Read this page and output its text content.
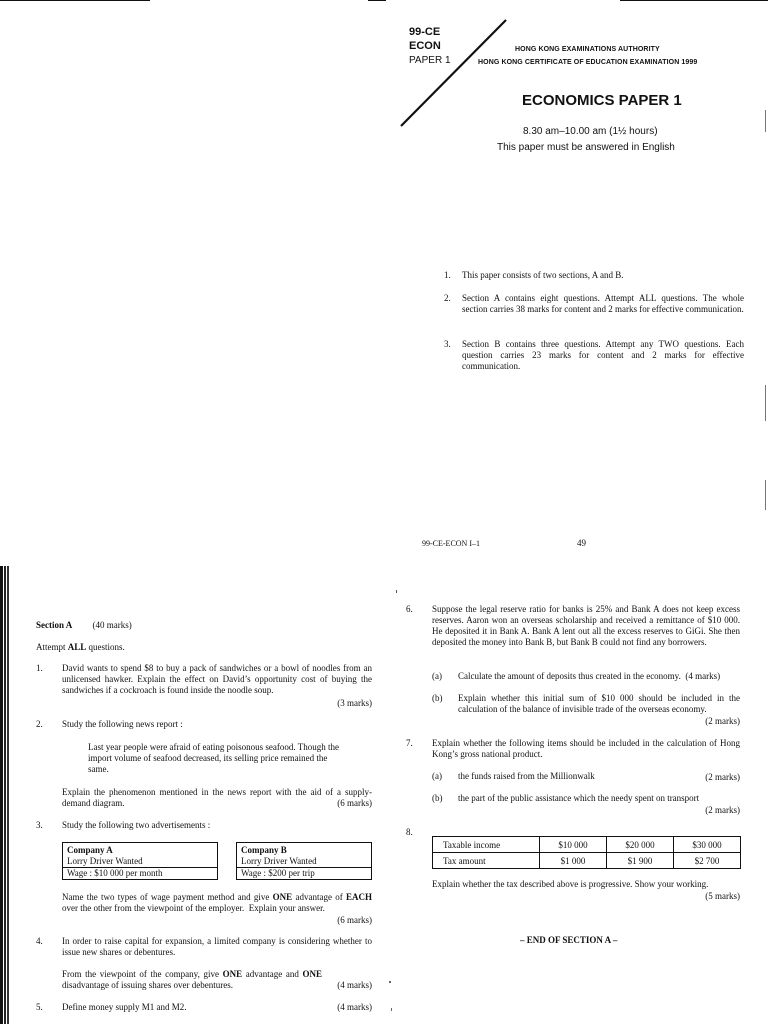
99-CE
ECON
PAPER 1
HONG KONG EXAMINATIONS AUTHORITY
HONG KONG CERTIFICATE OF EDUCATION EXAMINATION 1999
ECONOMICS PAPER 1
8.30 am–10.00 am (1½ hours)
This paper must be answered in English
1. This paper consists of two sections, A and B.
2. Section A contains eight questions. Attempt ALL questions. The whole section carries 38 marks for content and 2 marks for effective communication.
3. Section B contains three questions. Attempt any TWO questions. Each question carries 23 marks for content and 2 marks for effective communication.
99-CE-ECON I–1	49
Section A (40 marks)
Attempt ALL questions.
1. David wants to spend $8 to buy a pack of sandwiches or a bowl of noodles from an unlicensed hawker. Explain the effect on David’s opportunity cost of buying the sandwiches if a cockroach is found inside the noodle soup.
(3 marks)
2. Study the following news report :
Last year people were afraid of eating poisonous seafood. Though the import volume of seafood decreased, its selling price remained the same.
Explain the phenomenon mentioned in the news report with the aid of a supply-demand diagram.	(6 marks)
3. Study the following two advertisements :
Company A
Lorry Driver Wanted
Wage : $10 000 per month
Company B
Lorry Driver Wanted
Wage : $200 per trip
Name the two types of wage payment method and give ONE advantage of EACH over the other from the viewpoint of the employer.  Explain your answer.
(6 marks)
4. In order to raise capital for expansion, a limited company is considering whether to issue new shares or debentures.
From the viewpoint of the company, give ONE advantage and ONE disadvantage of issuing shares over debentures.	(4 marks)
5. Define money supply M1 and M2.	(4 marks)
6. Suppose the legal reserve ratio for banks is 25% and Bank A does not keep excess reserves. Aaron won an overseas scholarship and received a remittance of $10 000. He deposited it in Bank A. Bank A lent out all the excess reserves to GiGi. She then deposited the money into Bank B, but Bank B could not find any borrowers.
(a) Calculate the amount of deposits thus created in the economy. (4 marks)
(b) Explain whether this initial sum of $10 000 should be included in the calculation of the balance of invisible trade of the overseas economy.
(2 marks)
7. Explain whether the following items should be included in the calculation of Hong Kong’s gross national product.
(a) the funds raised from the Millionwalk	(2 marks)
(b) the part of the public assistance which the needy spent on transport
(2 marks)
8.
Taxable income	$10 000	$20 000	$30 000
Tax amount	$1 000	$1 900	$2 700
Explain whether the tax described above is progressive. Show your working.
(5 marks)
– END OF SECTION A –
